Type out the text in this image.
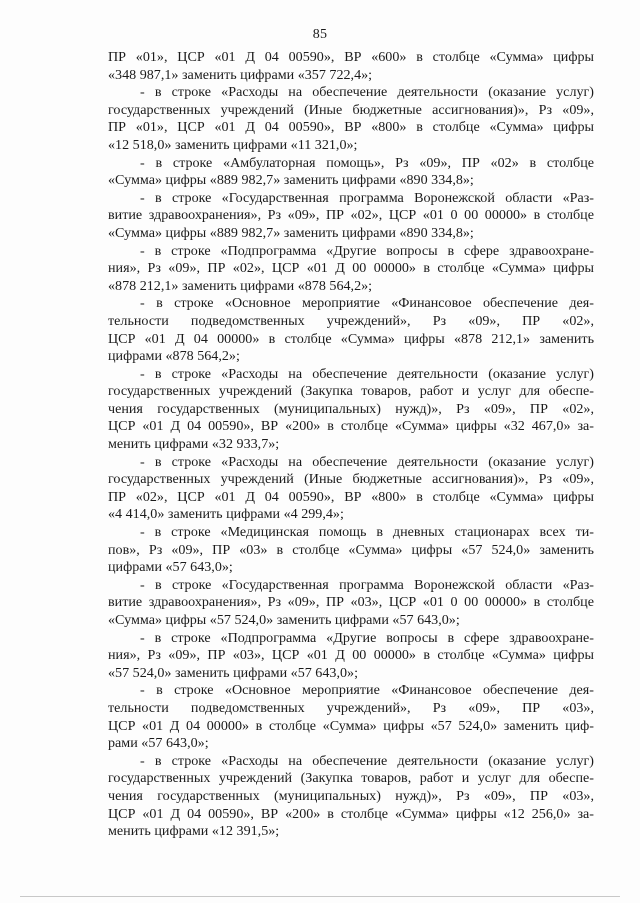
85
ПР «01», ЦСР «01 Д 04 00590», ВР «600» в столбце «Сумма» цифры
«348 987,1» заменить цифрами «357 722,4»;
- в строке «Расходы на обеспечение деятельности (оказание услуг)
государственных учреждений (Иные бюджетные ассигнования)», Рз «09»,
ПР «01», ЦСР «01 Д 04 00590», ВР «800» в столбце «Сумма» цифры
«12 518,0» заменить цифрами «11 321,0»;
- в строке «Амбулаторная помощь», Рз «09», ПР «02» в столбце
«Сумма» цифры «889 982,7» заменить цифрами «890 334,8»;
- в строке «Государственная программа Воронежской области «Раз-
витие здравоохранения», Рз «09», ПР «02», ЦСР «01 0 00 00000» в столбце
«Сумма» цифры «889 982,7» заменить цифрами «890 334,8»;
- в строке «Подпрограмма «Другие вопросы в сфере здравоохране-
ния», Рз «09», ПР «02», ЦСР «01 Д 00 00000» в столбце «Сумма» цифры
«878 212,1» заменить цифрами «878 564,2»;
- в строке «Основное мероприятие «Финансовое обеспечение дея-
тельности подведомственных учреждений», Рз «09», ПР «02»,
ЦСР «01 Д 04 00000» в столбце «Сумма» цифры «878 212,1» заменить
цифрами «878 564,2»;
- в строке «Расходы на обеспечение деятельности (оказание услуг)
государственных учреждений (Закупка товаров, работ и услуг для обеспе-
чения государственных (муниципальных) нужд)», Рз «09», ПР «02»,
ЦСР «01 Д 04 00590», ВР «200» в столбце «Сумма» цифры «32 467,0» за-
менить цифрами «32 933,7»;
- в строке «Расходы на обеспечение деятельности (оказание услуг)
государственных учреждений (Иные бюджетные ассигнования)», Рз «09»,
ПР «02», ЦСР «01 Д 04 00590», ВР «800» в столбце «Сумма» цифры
«4 414,0» заменить цифрами «4 299,4»;
- в строке «Медицинская помощь в дневных стационарах всех ти-
пов», Рз «09», ПР «03» в столбце «Сумма» цифры «57 524,0» заменить
цифрами «57 643,0»;
- в строке «Государственная программа Воронежской области «Раз-
витие здравоохранения», Рз «09», ПР «03», ЦСР «01 0 00 00000» в столбце
«Сумма» цифры «57 524,0» заменить цифрами «57 643,0»;
- в строке «Подпрограмма «Другие вопросы в сфере здравоохране-
ния», Рз «09», ПР «03», ЦСР «01 Д 00 00000» в столбце «Сумма» цифры
«57 524,0» заменить цифрами «57 643,0»;
- в строке «Основное мероприятие «Финансовое обеспечение дея-
тельности подведомственных учреждений», Рз «09», ПР «03»,
ЦСР «01 Д 04 00000» в столбце «Сумма» цифры «57 524,0» заменить циф-
рами «57 643,0»;
- в строке «Расходы на обеспечение деятельности (оказание услуг)
государственных учреждений (Закупка товаров, работ и услуг для обеспе-
чения государственных (муниципальных) нужд)», Рз «09», ПР «03»,
ЦСР «01 Д 04 00590», ВР «200» в столбце «Сумма» цифры «12 256,0» за-
менить цифрами «12 391,5»;
